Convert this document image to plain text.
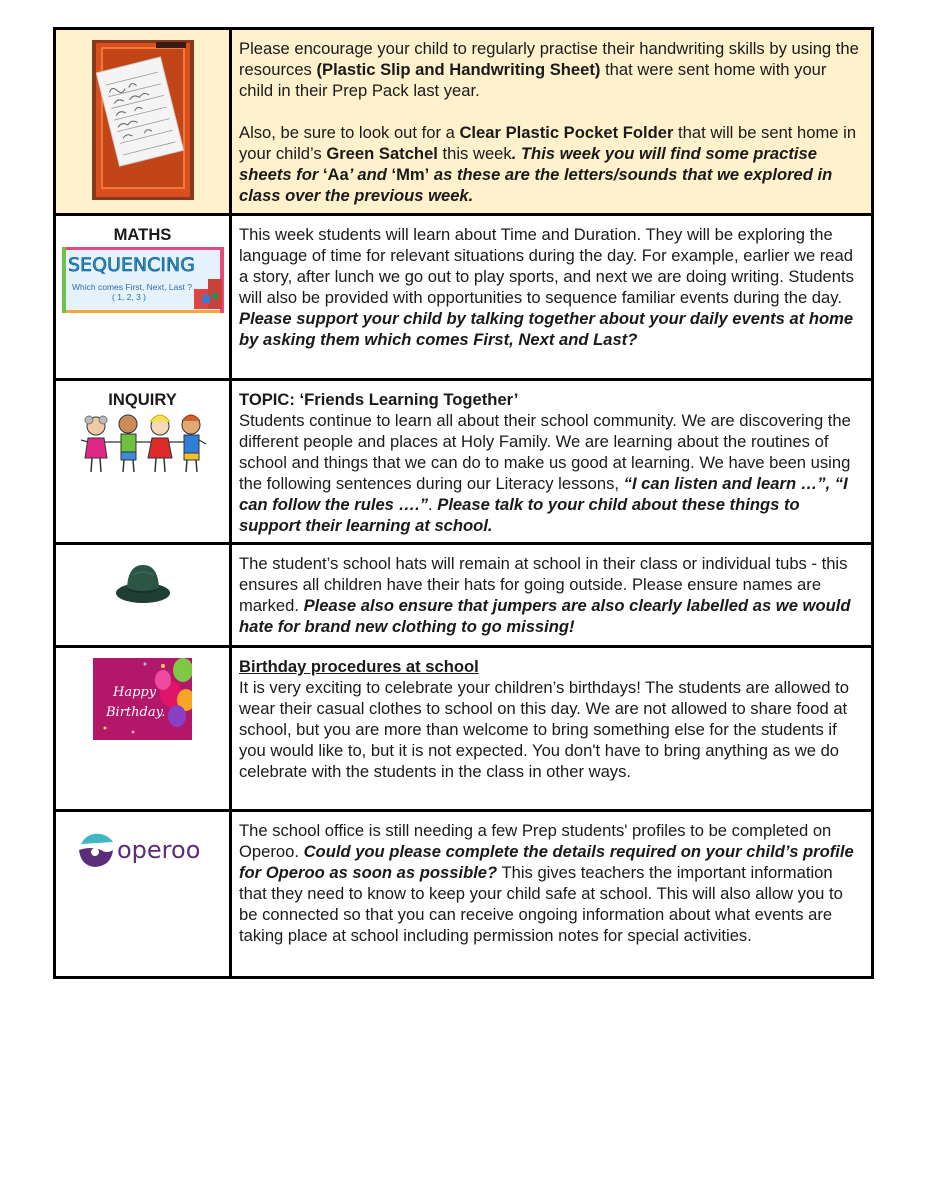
Please encourage your child to regularly practise their handwriting skills by using the resources (Plastic Slip and Handwriting Sheet) that were sent home with your child in their Prep Pack last year.

Also, be sure to look out for a Clear Plastic Pocket Folder that will be sent home in your child’s Green Satchel this week. This week you will find some practise sheets for ‘Aa’ and ‘Mm’ as these are the letters/sounds that we explored in class over the previous week.

MATHS
SEQUENCING
Which comes First, Next, Last ?
( 1, 2, 3 )

This week students will learn about Time and Duration. They will be exploring the language of time for relevant situations during the day. For example, earlier we read a story, after lunch we go out to play sports, and next we are doing writing. Students will also be provided with opportunities to sequence familiar events during the day. Please support your child by talking together about your daily events at home by asking them which comes First, Next and Last?

INQUIRY	TOPIC: ‘Friends Learning Together’
Students continue to learn all about their school community. We are discovering the different people and places at Holy Family. We are learning about the routines of school and things that we can do to make us good at learning. We have been using the following sentences during our Literacy lessons, “I can listen and learn …”, “I can follow the rules ….”. Please talk to your child about these things to support their learning at school.

The student’s school hats will remain at school in their class or individual tubs - this ensures all children have their hats for going outside. Please ensure names are marked. Please also ensure that jumpers are also clearly labelled as we would hate for brand new clothing to go missing!

Happy
Birthday.

Birthday procedures at school
It is very exciting to celebrate your children’s birthdays! The students are allowed to wear their casual clothes to school on this day. We are not allowed to share food at school, but you are more than welcome to bring something else for the students if you would like to, but it is not expected. You don't have to bring anything as we do celebrate with the students in the class in other ways.

operoo

The school office is still needing a few Prep students' profiles to be completed on Operoo. Could you please complete the details required on your child’s profile for Operoo as soon as possible? This gives teachers the important information that they need to know to keep your child safe at school. This will also allow you to be connected so that you can receive ongoing information about what events are taking place at school including permission notes for special activities.
